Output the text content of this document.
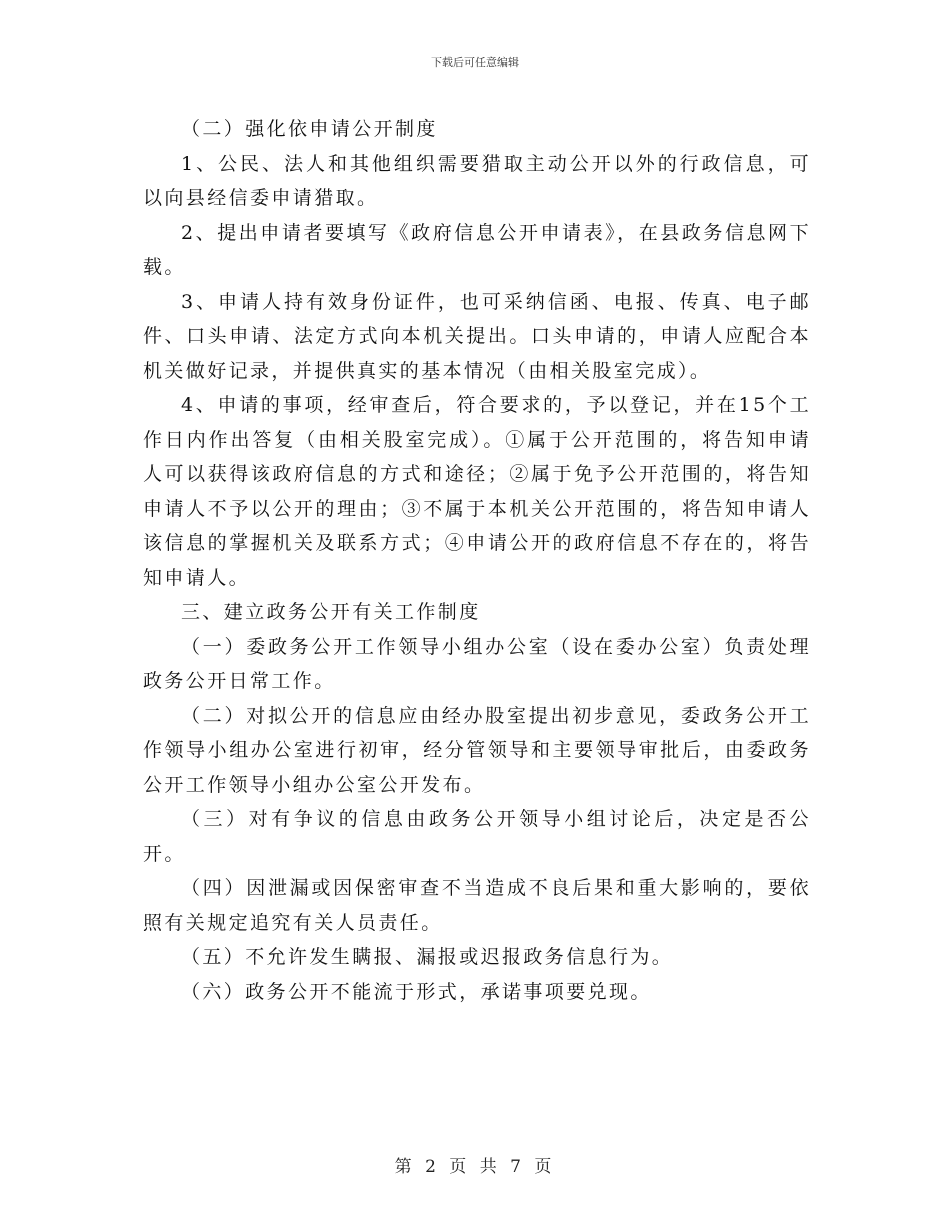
下载后可任意编辑

（二）强化依申请公开制度

1、公民、法人和其他组织需要猎取主动公开以外的行政信息，可以向县经信委申请猎取。

2、提出申请者要填写《政府信息公开申请表》，在县政务信息网下载。

3、申请人持有效身份证件，也可采纳信函、电报、传真、电子邮件、口头申请、法定方式向本机关提出。口头申请的，申请人应配合本机关做好记录，并提供真实的基本情况（由相关股室完成）。

4、申请的事项，经审查后，符合要求的，予以登记，并在15个工作日内作出答复（由相关股室完成）。①属于公开范围的，将告知申请人可以获得该政府信息的方式和途径；②属于免予公开范围的，将告知申请人不予以公开的理由；③不属于本机关公开范围的，将告知申请人该信息的掌握机关及联系方式；④申请公开的政府信息不存在的，将告知申请人。

三、建立政务公开有关工作制度

（一）委政务公开工作领导小组办公室（设在委办公室）负责处理政务公开日常工作。

（二）对拟公开的信息应由经办股室提出初步意见，委政务公开工作领导小组办公室进行初审，经分管领导和主要领导审批后，由委政务公开工作领导小组办公室公开发布。

（三）对有争议的信息由政务公开领导小组讨论后，决定是否公开。

（四）因泄漏或因保密审查不当造成不良后果和重大影响的，要依照有关规定追究有关人员责任。

（五）不允许发生瞒报、漏报或迟报政务信息行为。

（六）政务公开不能流于形式，承诺事项要兑现。

第 2 页 共 7 页
